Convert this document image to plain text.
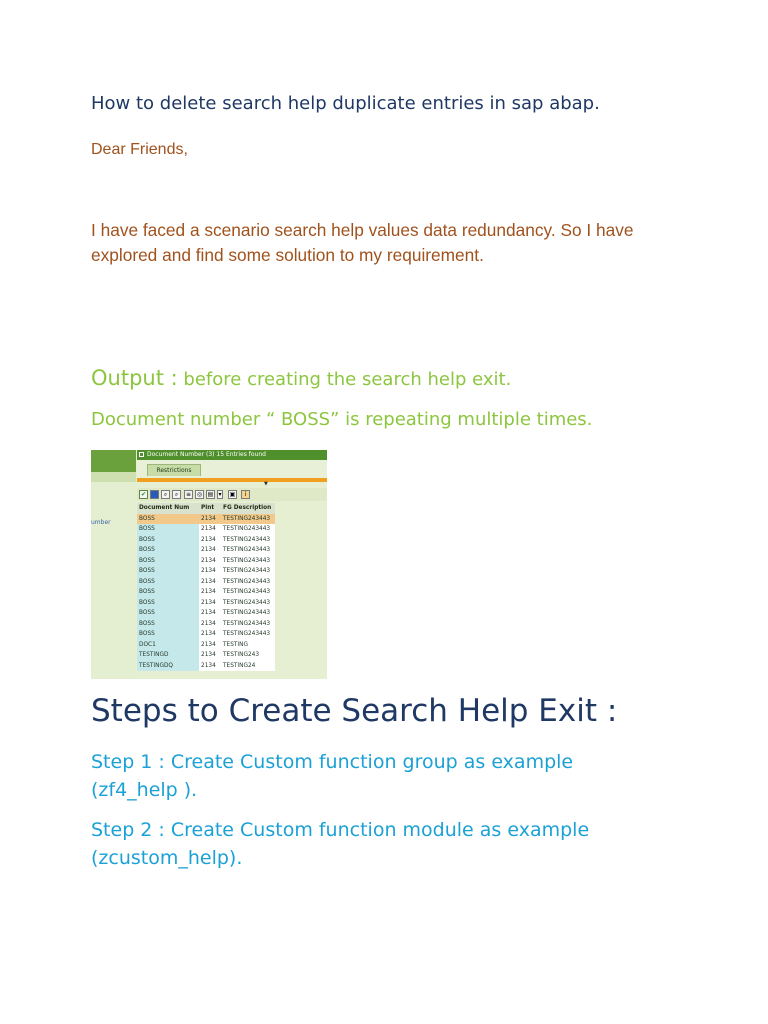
How to delete search help duplicate entries in sap abap.
Dear Friends,
I have faced a scenario search help values data redundancy. So I have explored and find some solution to my requirement.
Output : before creating the search help exit.
Document number “ BOSS” is repeating multiple times.
umber
Document Number (3) 15 Entries found
Restrictions
▼
✔	⌕	⌕	≡ ◎ ▤ ▾ ▣	i
Document Num	Plnt	FG Description
BOSS	2134	TESTING243443
BOSS	2134	TESTING243443
BOSS	2134	TESTING243443
BOSS	2134	TESTING243443
BOSS	2134	TESTING243443
BOSS	2134	TESTING243443
BOSS	2134	TESTING243443
BOSS	2134	TESTING243443
BOSS	2134	TESTING243443
BOSS	2134	TESTING243443
BOSS	2134	TESTING243443
BOSS	2134	TESTING243443
DOC1	2134	TESTING
TESTINGD	2134	TESTING243
TESTINGDQ	2134	TESTING24
Steps to Create Search Help Exit :
Step 1 : Create Custom function group as example (zf4_help ).
Step 2 : Create Custom function module as example (zcustom_help).
